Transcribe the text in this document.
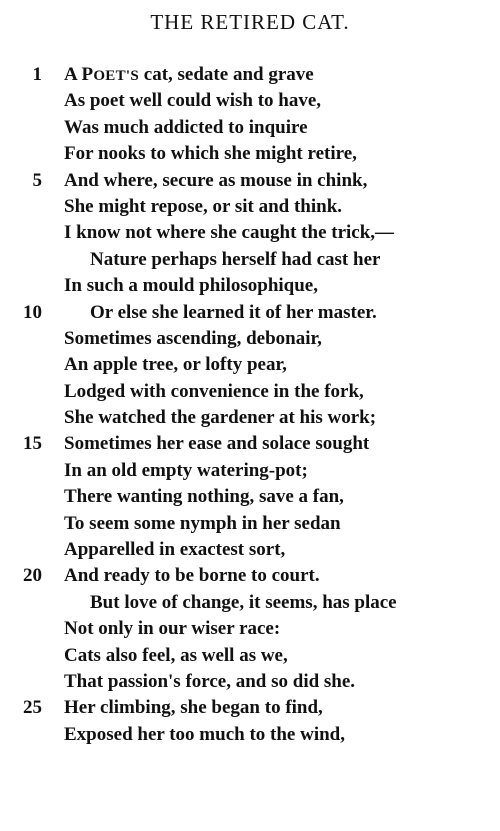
THE RETIRED CAT.
1 A POET'S cat, sedate and grave
As poet well could wish to have,
Was much addicted to inquire
For nooks to which she might retire,
5 And where, secure as mouse in chink,
She might repose, or sit and think.
I know not where she caught the trick,—
Nature perhaps herself had cast her
In such a mould philosophique,
10	Or else she learned it of her master.
Sometimes ascending, debonair,
An apple tree, or lofty pear,
Lodged with convenience in the fork,
She watched the gardener at his work;
15 Sometimes her ease and solace sought
In an old empty watering-pot;
There wanting nothing, save a fan,
To seem some nymph in her sedan
Apparelled in exactest sort,
20 And ready to be borne to court.
But love of change, it seems, has place
Not only in our wiser race:
Cats also feel, as well as we,
That passion's force, and so did she.
25 Her climbing, she began to find,
Exposed her too much to the wind,
